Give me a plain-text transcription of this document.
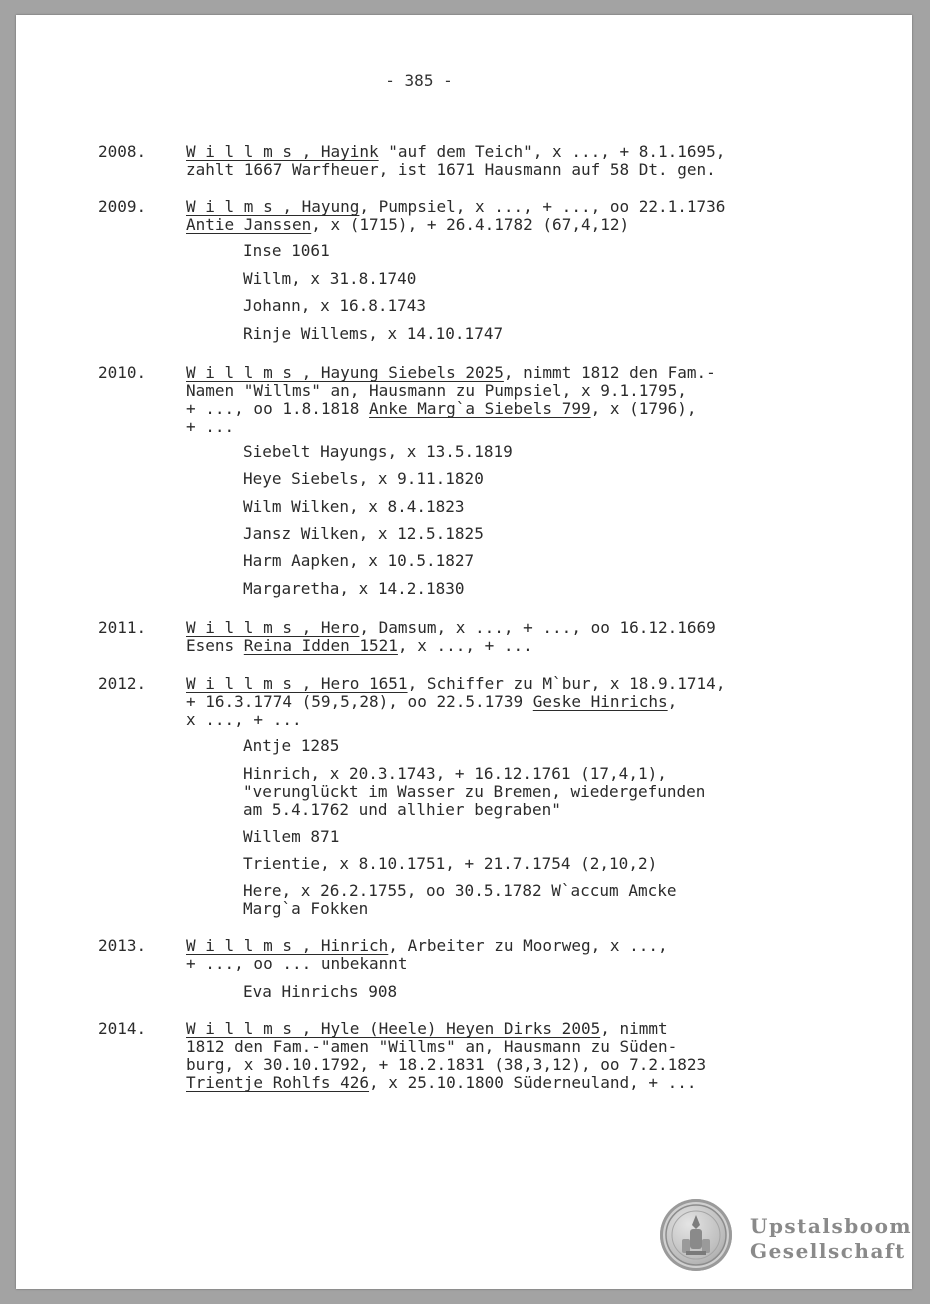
- 385 -
2008. W i l l m s , Hayink "auf dem Teich", x ..., + 8.1.1695,
zahlt 1667 Warfheuer, ist 1671 Hausmann auf 58 Dt. gen.
2009. W i l m s , Hayung, Pumpsiel, x ..., + ..., oo 22.1.1736
Antie Janssen, x (1715), + 26.4.1782 (67,4,12)
Inse 1061
Willm, x 31.8.1740
Johann, x 16.8.1743
Rinje Willems, x 14.10.1747
2010. W i l l m s , Hayung Siebels 2025, nimmt 1812 den Fam.-
Namen "Willms" an, Hausmann zu Pumpsiel, x 9.1.1795,
+ ..., oo 1.8.1818 Anke Marg`a Siebels 799, x (1796),
+ ...
Siebelt Hayungs, x 13.5.1819
Heye Siebels, x 9.11.1820
Wilm Wilken, x 8.4.1823
Jansz Wilken, x 12.5.1825
Harm Aapken, x 10.5.1827
Margaretha, x 14.2.1830
2011. W i l l m s , Hero, Damsum, x ..., + ..., oo 16.12.1669
Esens Reina Idden 1521, x ..., + ...
2012. W i l l m s , Hero 1651, Schiffer zu M`bur, x 18.9.1714,
+ 16.3.1774 (59,5,28), oo 22.5.1739 Geske Hinrichs,
x ..., + ...
Antje 1285
Hinrich, x 20.3.1743, + 16.12.1761 (17,4,1),
"verunglückt im Wasser zu Bremen, wiedergefunden
am 5.4.1762 und allhier begraben"
Willem 871
Trientie, x 8.10.1751, + 21.7.1754 (2,10,2)
Here, x 26.2.1755, oo 30.5.1782 W`accum Amcke
Marg`a Fokken
2013. W i l l m s , Hinrich, Arbeiter zu Moorweg, x ...,
+ ..., oo ... unbekannt
Eva Hinrichs 908
2014. W i l l m s , Hyle (Heele) Heyen Dirks 2005, nimmt
1812 den Fam.-"amen "Willms" an, Hausmann zu Süden-
burg, x 30.10.1792, + 18.2.1831 (38,3,12), oo 7.2.1823
Trientje Rohlfs 426, x 25.10.1800 Süderneuland, + ...
Upstalsboom
Gesellschaft
